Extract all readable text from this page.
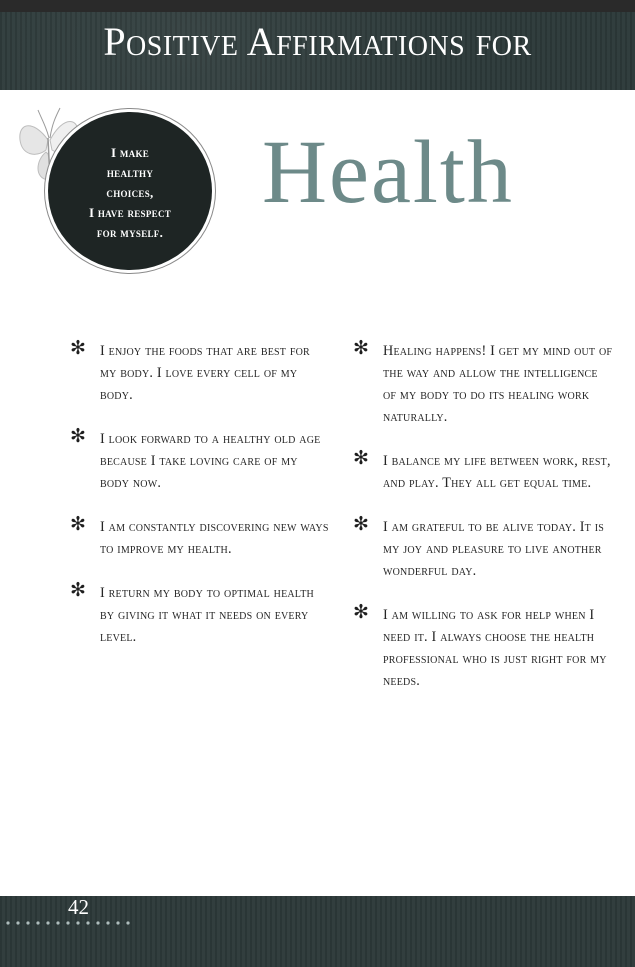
Positive Affirmations for
I make
healthy
choices,
I have respect
for myself.
Health
✻ I enjoy the foods that are best for my body. I love every cell of my body.
✻ I look forward to a healthy old age because I take loving care of my body now.
✻ I am constantly discovering new ways to improve my health.
✻ I return my body to optimal health by giving it what it needs on every level.
✻ Healing happens! I get my mind out of the way and allow the intelligence of my body to do its healing work naturally.
✻ I balance my life between work, rest, and play. They all get equal time.
✻ I am grateful to be alive today. It is my joy and pleasure to live another wonderful day.
✻ I am willing to ask for help when I need it. I always choose the health professional who is just right for my needs.
42
